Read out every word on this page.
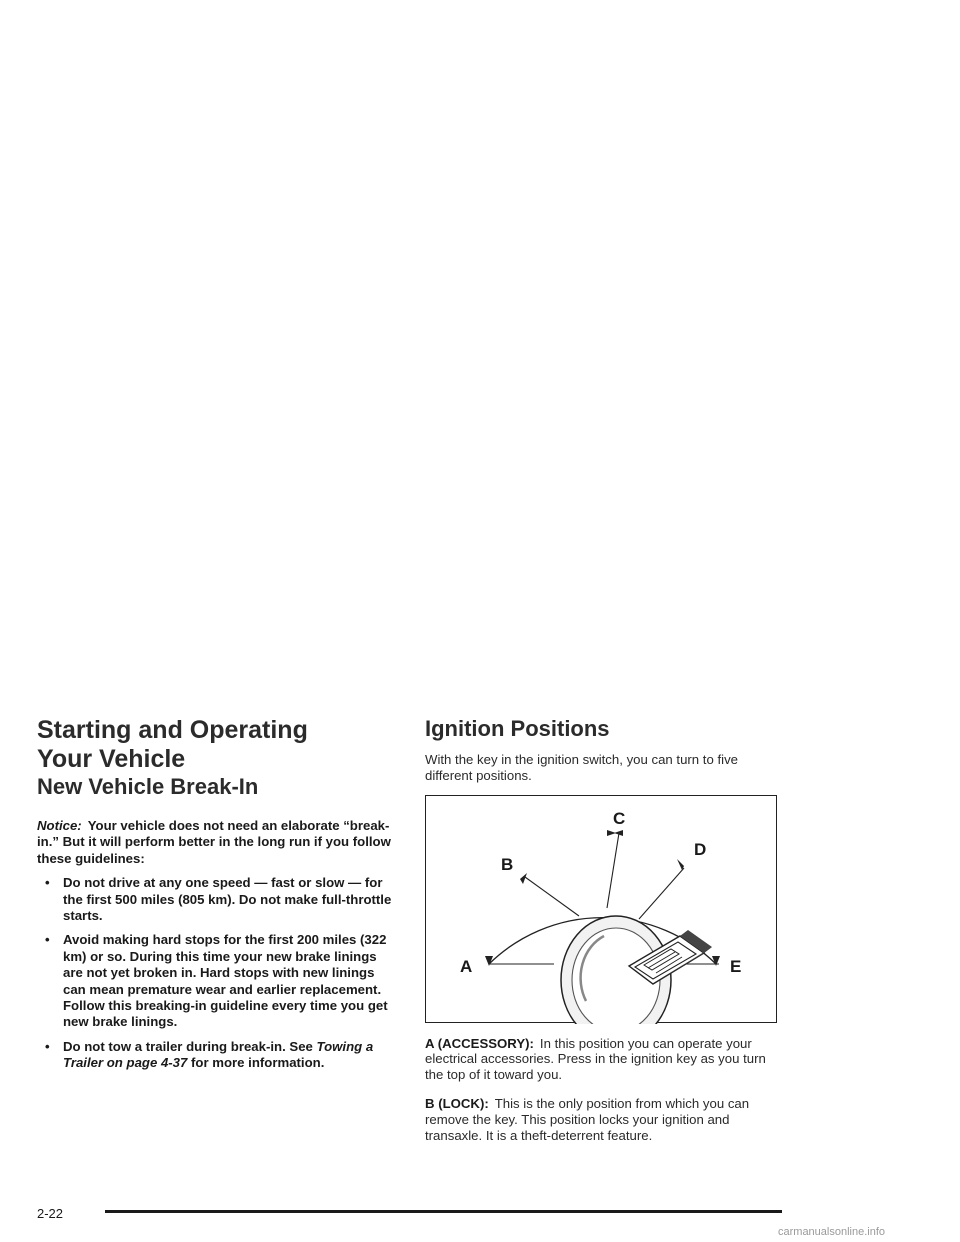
Starting and Operating
Your Vehicle
New Vehicle Break-In

Notice: Your vehicle does not need an elaborate “break-in.” But it will perform better in the long run if you follow these guidelines:

• Do not drive at any one speed — fast or slow — for the first 500 miles (805 km). Do not make full-throttle starts.
• Avoid making hard stops for the first 200 miles (322 km) or so. During this time your new brake linings are not yet broken in. Hard stops with new linings can mean premature wear and earlier replacement. Follow this breaking-in guideline every time you get new brake linings.
• Do not tow a trailer during break-in. See Towing a Trailer on page 4-37 for more information.
Ignition Positions

With the key in the ignition switch, you can turn to five different positions.

A
B
C
D
E

A (ACCESSORY): In this position you can operate your electrical accessories. Press in the ignition key as you turn the top of it toward you.

B (LOCK): This is the only position from which you can remove the key. This position locks your ignition and transaxle. It is a theft-deterrent feature.

2-22
carmanualsonline.info
